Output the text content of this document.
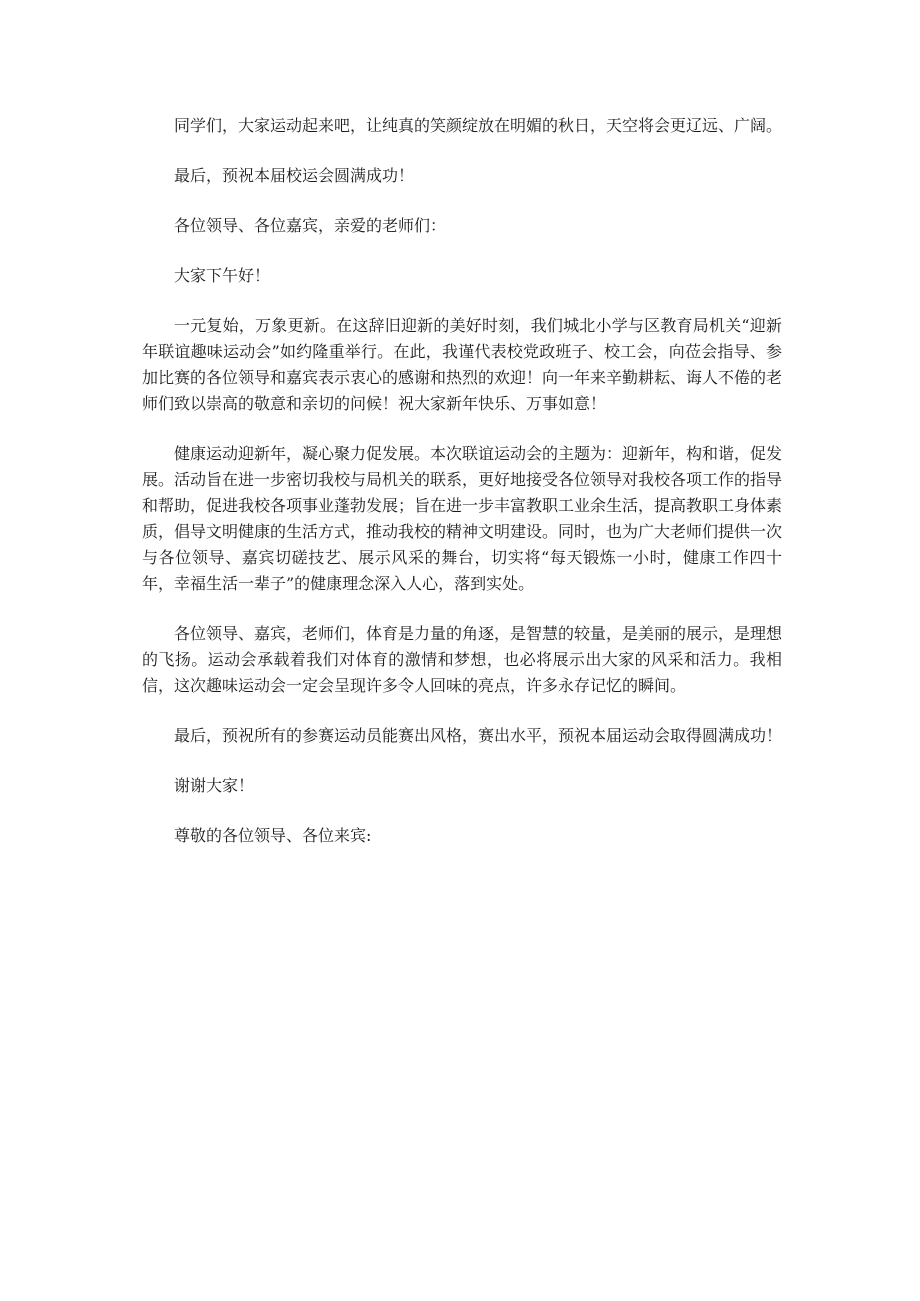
同学们，大家运动起来吧，让纯真的笑颜绽放在明媚的秋日，天空将会更辽远、广阔。

最后，预祝本届校运会圆满成功！

各位领导、各位嘉宾，亲爱的老师们：

大家下午好！

一元复始，万象更新。在这辞旧迎新的美好时刻，我们城北小学与区教育局机关“迎新年联谊趣味运动会”如约隆重举行。在此，我谨代表校党政班子、校工会，向莅会指导、参加比赛的各位领导和嘉宾表示衷心的感谢和热烈的欢迎！向一年来辛勤耕耘、诲人不倦的老师们致以崇高的敬意和亲切的问候！祝大家新年快乐、万事如意！

健康运动迎新年，凝心聚力促发展。本次联谊运动会的主题为：迎新年，构和谐，促发展。活动旨在进一步密切我校与局机关的联系，更好地接受各位领导对我校各项工作的指导和帮助，促进我校各项事业蓬勃发展；旨在进一步丰富教职工业余生活，提高教职工身体素质，倡导文明健康的生活方式，推动我校的精神文明建设。同时，也为广大老师们提供一次与各位领导、嘉宾切磋技艺、展示风采的舞台，切实将“每天锻炼一小时，健康工作四十年，幸福生活一辈子”的健康理念深入人心，落到实处。

各位领导、嘉宾，老师们，体育是力量的角逐，是智慧的较量，是美丽的展示，是理想的飞扬。运动会承载着我们对体育的激情和梦想，也必将展示出大家的风采和活力。我相信，这次趣味运动会一定会呈现许多令人回味的亮点，许多永存记忆的瞬间。

最后，预祝所有的参赛运动员能赛出风格，赛出水平，预祝本届运动会取得圆满成功！

谢谢大家！

尊敬的各位领导、各位来宾:
